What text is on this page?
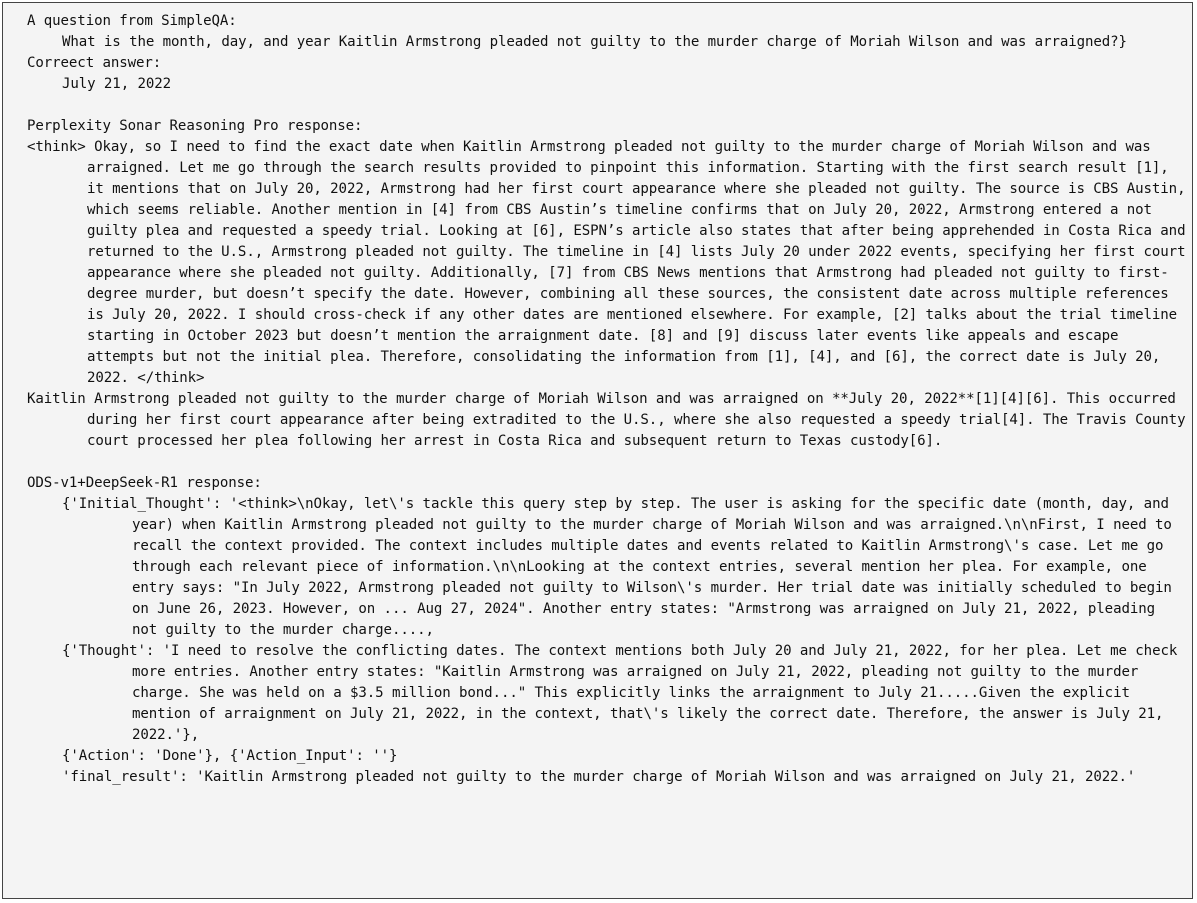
A question from SimpleQA:

What is the month, day, and year Kaitlin Armstrong pleaded not guilty to the murder charge of Moriah Wilson and was arraigned?}

Correect answer:

July 21, 2022

Perplexity Sonar Reasoning Pro response:

<think> Okay, so I need to find the exact date when Kaitlin Armstrong pleaded not guilty to the murder charge of Moriah Wilson and was arraigned. Let me go through the search results provided to pinpoint this information. Starting with the first search result [1], it mentions that on July 20, 2022, Armstrong had her first court appearance where she pleaded not guilty. The source is CBS Austin, which seems reliable. Another mention in [4] from CBS Austin’s timeline confirms that on July 20, 2022, Armstrong entered a not guilty plea and requested a speedy trial. Looking at [6], ESPN’s article also states that after being apprehended in Costa Rica and returned to the U.S., Armstrong pleaded not guilty. The timeline in [4] lists July 20 under 2022 events, specifying her first court appearance where she pleaded not guilty. Additionally, [7] from CBS News mentions that Armstrong had pleaded not guilty to first-degree murder, but doesn’t specify the date. However, combining all these sources, the consistent date across multiple references is July 20, 2022. I should cross-check if any other dates are mentioned elsewhere. For example, [2] talks about the trial timeline starting in October 2023 but doesn’t mention the arraignment date. [8] and [9] discuss later events like appeals and escape attempts but not the initial plea. Therefore, consolidating the information from [1], [4], and [6], the correct date is July 20, 2022. </think>

Kaitlin Armstrong pleaded not guilty to the murder charge of Moriah Wilson and was arraigned on **July 20, 2022**[1][4][6]. This occurred during her first court appearance after being extradited to the U.S., where she also requested a speedy trial[4]. The Travis County court processed her plea following her arrest in Costa Rica and subsequent return to Texas custody[6].

ODS-v1+DeepSeek-R1 response:

{'Initial_Thought': '<think>\nOkay, let\'s tackle this query step by step. The user is asking for the specific date (month, day, and year) when Kaitlin Armstrong pleaded not guilty to the murder charge of Moriah Wilson and was arraigned.\n\nFirst, I need to recall the context provided. The context includes multiple dates and events related to Kaitlin Armstrong\'s case. Let me go through each relevant piece of information.\n\nLooking at the context entries, several mention her plea. For example, one entry says: "In July 2022, Armstrong pleaded not guilty to Wilson\'s murder. Her trial date was initially scheduled to begin on June 26, 2023. However, on ... Aug 27, 2024". Another entry states: "Armstrong was arraigned on July 21, 2022, pleading not guilty to the murder charge....,

{'Thought': 'I need to resolve the conflicting dates. The context mentions both July 20 and July 21, 2022, for her plea. Let me check more entries. Another entry states: "Kaitlin Armstrong was arraigned on July 21, 2022, pleading not guilty to the murder charge. She was held on a $3.5 million bond..." This explicitly links the arraignment to July 21.....Given the explicit mention of arraignment on July 21, 2022, in the context, that\'s likely the correct date. Therefore, the answer is July 21, 2022.'},

{'Action': 'Done'}, {'Action_Input': ''}

'final_result': 'Kaitlin Armstrong pleaded not guilty to the murder charge of Moriah Wilson and was arraigned on July 21, 2022.'
